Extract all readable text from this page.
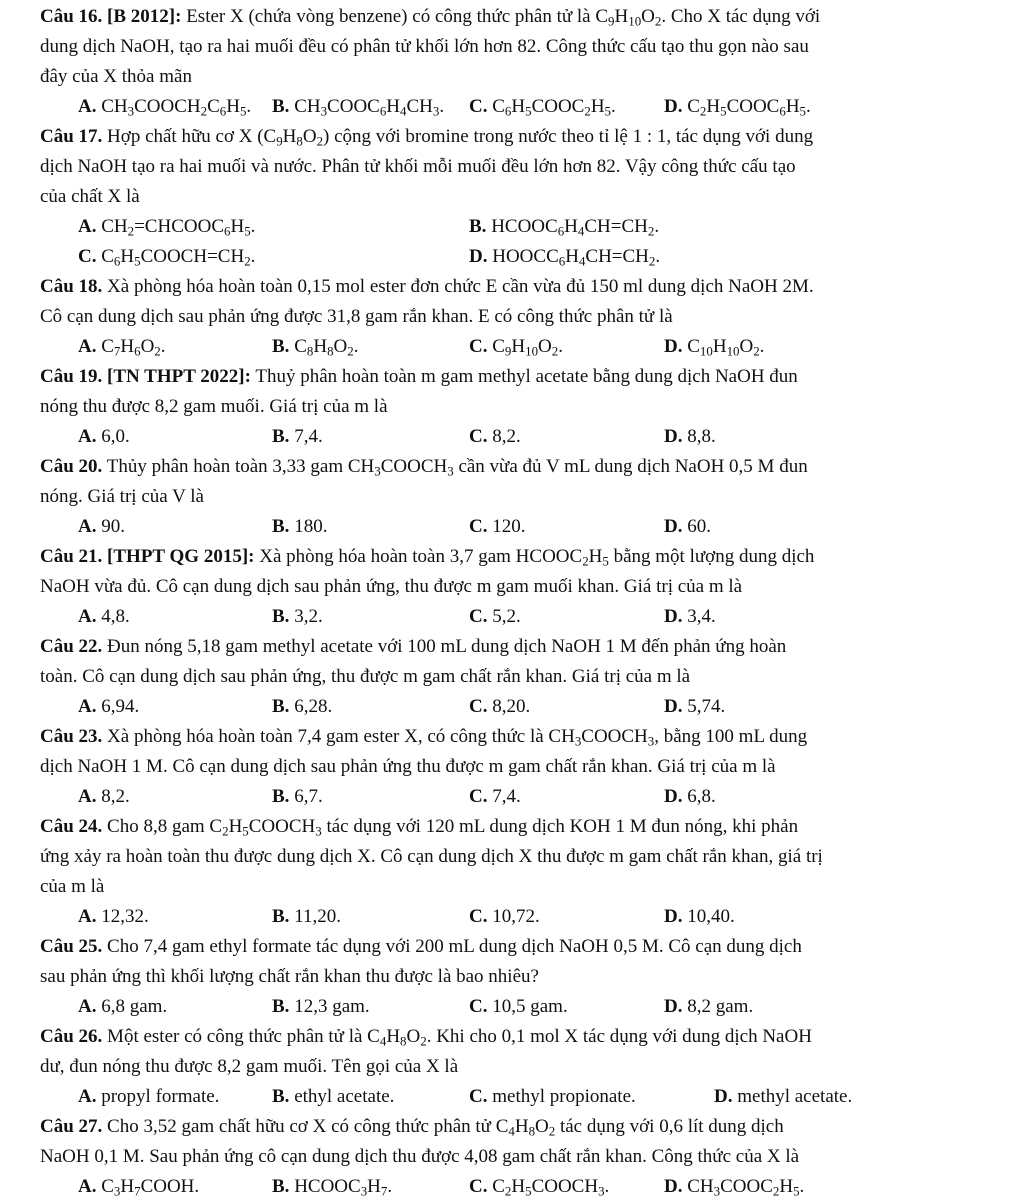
Câu 16. [B 2012]: Ester X (chứa vòng benzene) có công thức phân tử là $C_9H_{10}O_2$. Cho X tác dụng với
dung dịch NaOH, tạo ra hai muối đều có phân tử khối lớn hơn 82. Công thức cấu tạo thu gọn nào sau
đây của X thỏa mãn
A. $CH_3COOCH_2C_6H_5$. B. $CH_3COOC_6H_4CH_3$. C. $C_6H_5COOC_2H_5$.	D. $C_2H_5COOC_6H_5$.
Câu 17. Hợp chất hữu cơ X $(C_9H_8O_2)$ cộng với bromine trong nước theo tỉ lệ 1 : 1, tác dụng với dung
dịch NaOH tạo ra hai muối và nước. Phân tử khối mỗi muối đều lớn hơn 82. Vậy công thức cấu tạo
của chất X là
A. $CH_2=CHCOOC_6H_5$.	B. $HCOOC_6H_4CH=CH_2$.
C. $C_6H_5COOCH=CH_2$.	D. $HOOCC_6H_4CH=CH_2$.
Câu 18. Xà phòng hóa hoàn toàn 0,15 mol ester đơn chức E cần vừa đủ 150 ml dung dịch NaOH 2M.
Cô cạn dung dịch sau phản ứng được 31,8 gam rắn khan. E có công thức phân tử là
A. $C_7H_6O_2$.	B. $C_8H_8O_2$.	C. $C_9H_{10}O_2$.	D. $C_{10}H_{10}O_2$.
Câu 19. [TN THPT 2022]: Thuỷ phân hoàn toàn m gam methyl acetate bằng dung dịch NaOH đun
nóng thu được 8,2 gam muối. Giá trị của m là
A. 6,0.	B. 7,4.	C. 8,2.	D. 8,8.
Câu 20. Thủy phân hoàn toàn 3,33 gam $CH_3COOCH_3$ cần vừa đủ V mL dung dịch NaOH 0,5 M đun
nóng. Giá trị của V là
A. 90.	B. 180.	C. 120.	D. 60.
Câu 21. [THPT QG 2015]: Xà phòng hóa hoàn toàn 3,7 gam $HCOOC_2H_5$ bằng một lượng dung dịch
NaOH vừa đủ. Cô cạn dung dịch sau phản ứng, thu được m gam muối khan. Giá trị của m là
A. 4,8.	B. 3,2.	C. 5,2.	D. 3,4.
Câu 22. Đun nóng 5,18 gam methyl acetate với 100 mL dung dịch NaOH 1 M đến phản ứng hoàn
toàn. Cô cạn dung dịch sau phản ứng, thu được m gam chất rắn khan. Giá trị của m là
A. 6,94.	B. 6,28.	C. 8,20.	D. 5,74.
Câu 23. Xà phòng hóa hoàn toàn 7,4 gam ester X, có công thức là $CH_3COOCH_3$, bằng 100 mL dung
dịch NaOH 1 M. Cô cạn dung dịch sau phản ứng thu được m gam chất rắn khan. Giá trị của m là
A. 8,2.	B. 6,7.	C. 7,4.	D. 6,8.
Câu 24. Cho 8,8 gam $C_2H_5COOCH_3$ tác dụng với 120 mL dung dịch KOH 1 M đun nóng, khi phản
ứng xảy ra hoàn toàn thu được dung dịch X. Cô cạn dung dịch X thu được m gam chất rắn khan, giá trị
của m là
A. 12,32.	B. 11,20.	C. 10,72.	D. 10,40.
Câu 25. Cho 7,4 gam ethyl formate tác dụng với 200 mL dung dịch NaOH 0,5 M. Cô cạn dung dịch
sau phản ứng thì khối lượng chất rắn khan thu được là bao nhiêu?
A. 6,8 gam.	B. 12,3 gam.	C. 10,5 gam.	D. 8,2 gam.
Câu 26. Một ester có công thức phân tử là $C_4H_8O_2$. Khi cho 0,1 mol X tác dụng với dung dịch NaOH
dư, đun nóng thu được 8,2 gam muối. Tên gọi của X là
A. propyl formate.	B. ethyl acetate.	C. methyl propionate.	D. methyl acetate.
Câu 27. Cho 3,52 gam chất hữu cơ X có công thức phân tử $C_4H_8O_2$ tác dụng với 0,6 lít dung dịch
NaOH 0,1 M. Sau phản ứng cô cạn dung dịch thu được 4,08 gam chất rắn khan. Công thức của X là
A. $C_3H_7COOH$.	B. $HCOOC_3H_7$.	C. $C_2H_5COOCH_3$.	D. $CH_3COOC_2H_5$.
